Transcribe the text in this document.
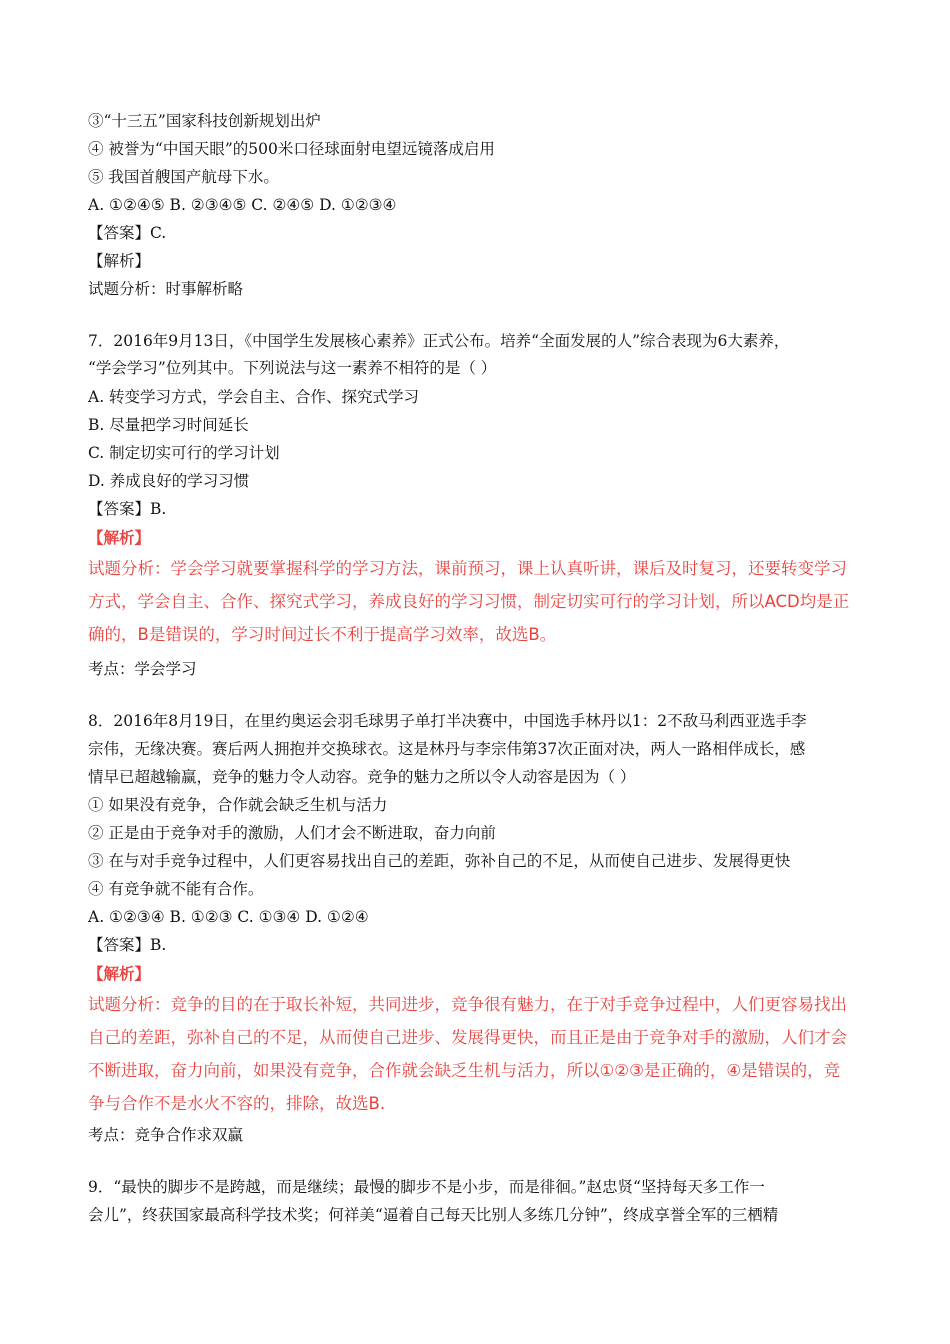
③“十三五”国家科技创新规划出炉
④ 被誉为“中国天眼”的500米口径球面射电望远镜落成启用
⑤ 我国首艘国产航母下水。
A. ①②④⑤ B. ②③④⑤ C. ②④⑤ D. ①②③④
【答案】C.
【解析】
试题分析：时事解析略
7．2016年9月13日，《中国学生发展核心素养》正式公布。培养“全面发展的人”综合表现为6大素养，
“学会学习”位列其中。下列说法与这一素养不相符的是（ ）
A. 转变学习方式，学会自主、合作、探究式学习
B. 尽量把学习时间延长
C. 制定切实可行的学习计划
D. 养成良好的学习习惯
【答案】B.
【解析】
试题分析：学会学习就要掌握科学的学习方法，课前预习，课上认真听讲，课后及时复习，还要转变学习
方式，学会自主、合作、探究式学习，养成良好的学习习惯，制定切实可行的学习计划，所以ACD均是正
确的，B是错误的，学习时间过长不利于提高学习效率，故选B。
考点：学会学习
8．2016年8月19日，在里约奥运会羽毛球男子单打半决赛中，中国选手林丹以1：2不敌马利西亚选手李
宗伟，无缘决赛。赛后两人拥抱并交换球衣。这是林丹与李宗伟第37次正面对决，两人一路相伴成长，感
情早已超越输赢，竞争的魅力令人动容。竞争的魅力之所以令人动容是因为（ ）
① 如果没有竞争，合作就会缺乏生机与活力
② 正是由于竞争对手的激励，人们才会不断进取，奋力向前
③ 在与对手竞争过程中，人们更容易找出自己的差距，弥补自己的不足，从而使自己进步、发展得更快
④ 有竞争就不能有合作。
A. ①②③④ B. ①②③ C. ①③④ D. ①②④
【答案】B.
【解析】
试题分析：竞争的目的在于取长补短，共同进步，竞争很有魅力，在于对手竞争过程中，人们更容易找出
自己的差距，弥补自己的不足，从而使自己进步、发展得更快，而且正是由于竞争对手的激励，人们才会
不断进取，奋力向前，如果没有竞争，合作就会缺乏生机与活力，所以①②③是正确的，④是错误的，竞
争与合作不是水火不容的，排除，故选B.
考点：竞争合作求双赢
9．“最快的脚步不是跨越，而是继续；最慢的脚步不是小步，而是徘徊。”赵忠贤“坚持每天多工作一
会儿”，终获国家最高科学技术奖；何祥美“逼着自己每天比别人多练几分钟”，终成享誉全军的三栖精
